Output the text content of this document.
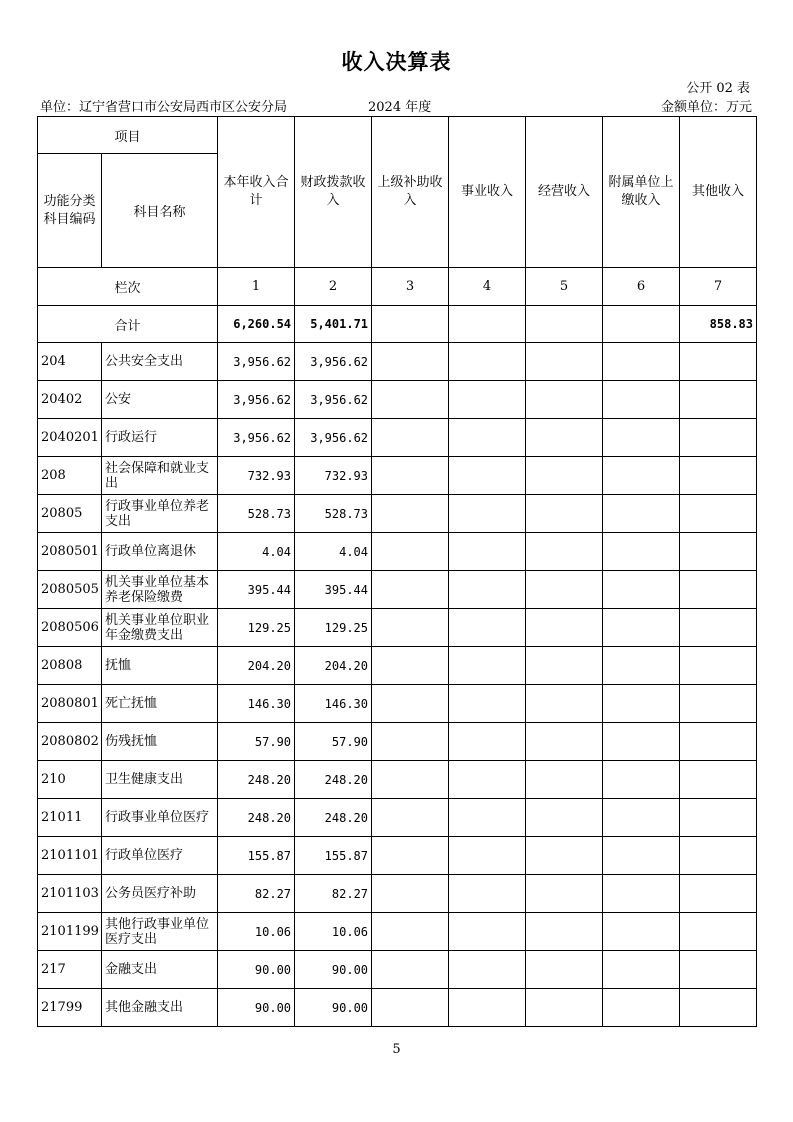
收入决算表
公开 02 表
单位：辽宁省营口市公安局西市区公安分局	2024 年度	金额单位：万元
项目		本年收入合计	财政拨款收入	上级补助收入	事业收入	经营收入	附属单位上缴收入	其他收入
功能分类科目编码	科目名称							
栏次		1	2	3	4	5	6	7
合计		6,260.54	5,401.71					858.83
204	公共安全支出	3,956.62	3,956.62					
20402	公安	3,956.62	3,956.62					
2040201	行政运行	3,956.62	3,956.62					
208	社会保障和就业支出	732.93	732.93					
20805	行政事业单位养老支出	528.73	528.73					
2080501	行政单位离退休	4.04	4.04					
2080505	机关事业单位基本养老保险缴费	395.44	395.44					
2080506	机关事业单位职业年金缴费支出	129.25	129.25					
20808	抚恤	204.20	204.20					
2080801	死亡抚恤	146.30	146.30					
2080802	伤残抚恤	57.90	57.90					
210	卫生健康支出	248.20	248.20					
21011	行政事业单位医疗	248.20	248.20					
2101101	行政单位医疗	155.87	155.87					
2101103	公务员医疗补助	82.27	82.27					
2101199	其他行政事业单位医疗支出	10.06	10.06					
217	金融支出	90.00	90.00					
21799	其他金融支出	90.00	90.00					
5
